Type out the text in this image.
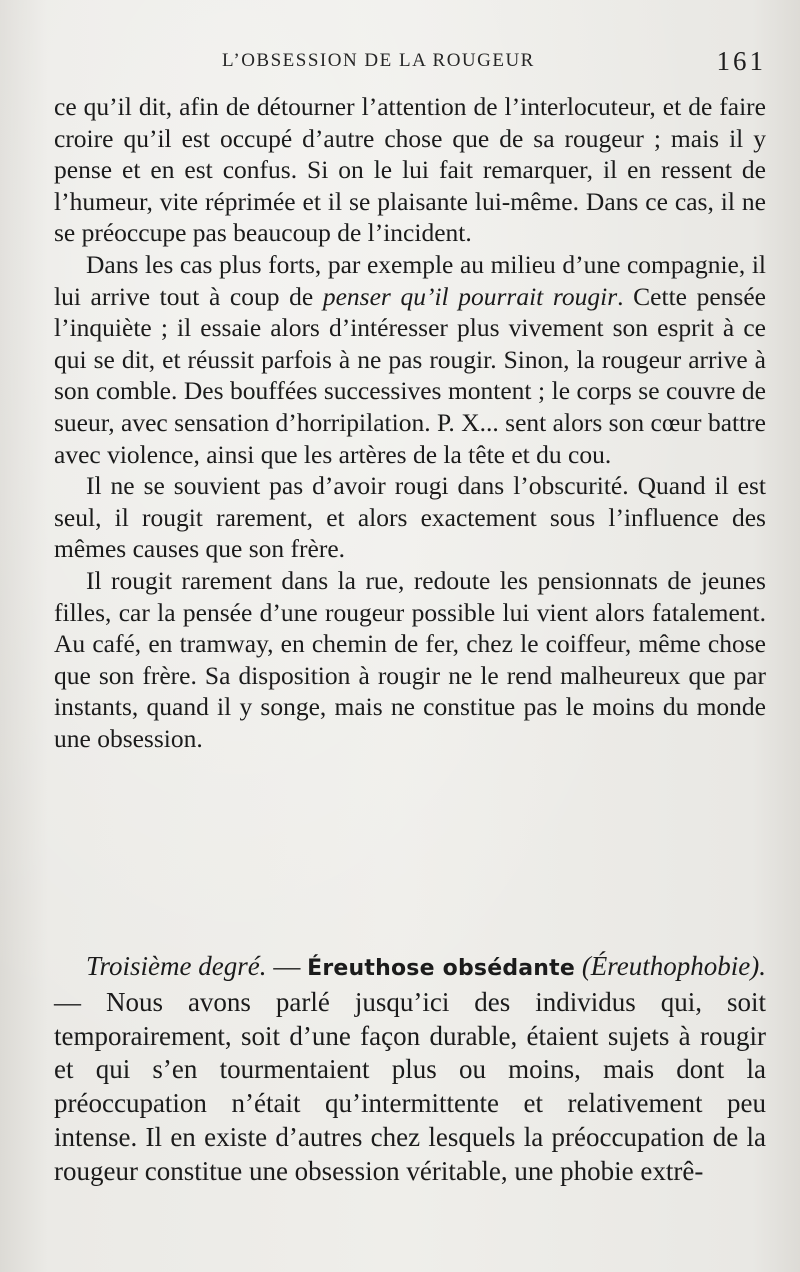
L’OBSESSION DE LA ROUGEUR	161

ce qu’il dit, afin de détourner l’attention de l’interlocuteur, et de faire croire qu’il est occupé d’autre chose que de sa rougeur ; mais il y pense et en est confus. Si on le lui fait remarquer, il en ressent de l’humeur, vite réprimée et il se plaisante lui-même. Dans ce cas, il ne se préoccupe pas beaucoup de l’incident.

Dans les cas plus forts, par exemple au milieu d’une compagnie, il lui arrive tout à coup de penser qu’il pourrait rougir. Cette pensée l’inquiète ; il essaie alors d’intéresser plus vivement son esprit à ce qui se dit, et réussit parfois à ne pas rougir. Sinon, la rougeur arrive à son comble. Des bouffées successives montent ; le corps se couvre de sueur, avec sensation d’horripilation. P. X... sent alors son cœur battre avec violence, ainsi que les artères de la tête et du cou.

Il ne se souvient pas d’avoir rougi dans l’obscurité. Quand il est seul, il rougit rarement, et alors exactement sous l’influence des mêmes causes que son frère.

Il rougit rarement dans la rue, redoute les pensionnats de jeunes filles, car la pensée d’une rougeur possible lui vient alors fatalement. Au café, en tramway, en chemin de fer, chez le coiffeur, même chose que son frère. Sa disposition à rougir ne le rend malheureux que par instants, quand il y songe, mais ne constitue pas le moins du monde une obsession.

Troisième degré. — Éreuthose obsédante (Éreuthophobie). — Nous avons parlé jusqu’ici des individus qui, soit temporairement, soit d’une façon durable, étaient sujets à rougir et qui s’en tourmentaient plus ou moins, mais dont la préoccupation n’était qu’intermittente et relativement peu intense. Il en existe d’autres chez lesquels la préoccupation de la rougeur constitue une obsession véritable, une phobie extrê-
